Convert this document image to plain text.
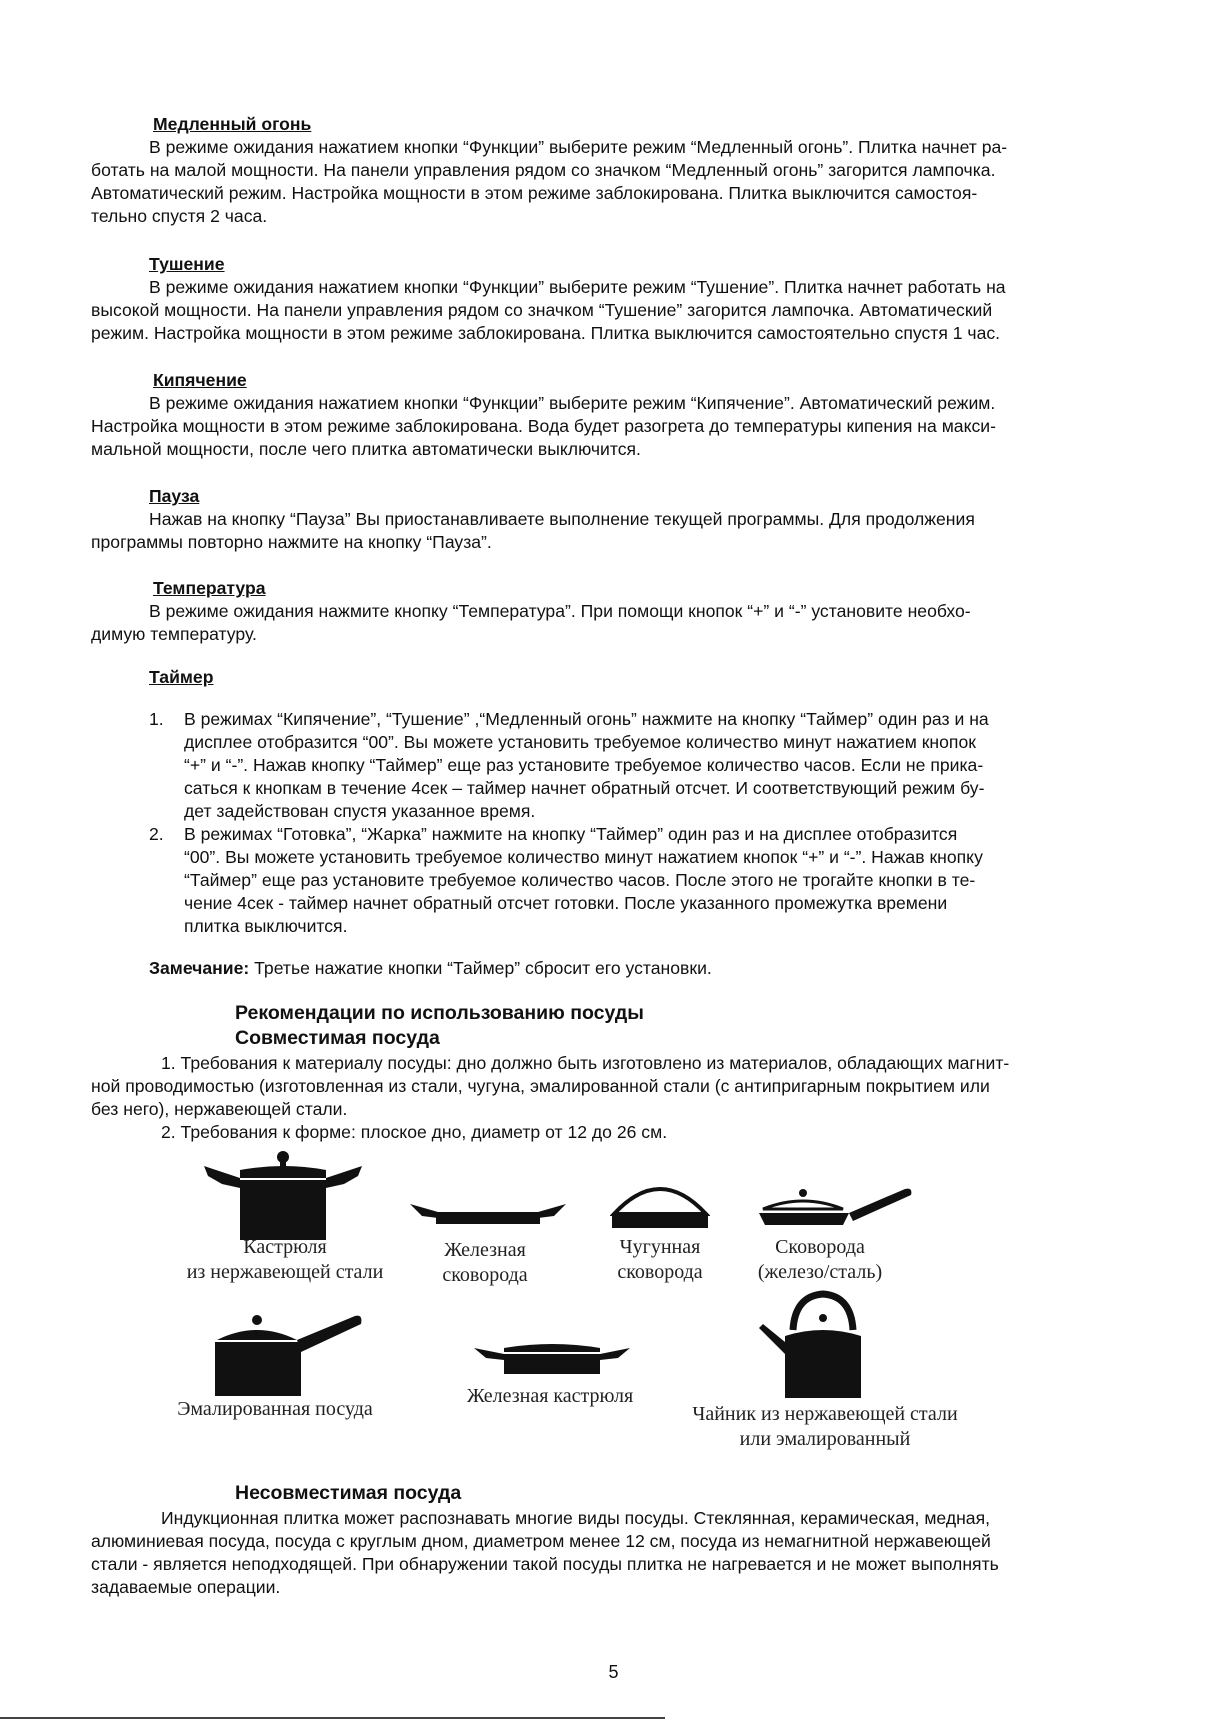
Медленный огонь

В режиме ожидания нажатием кнопки “Функции” выберите режим “Медленный огонь”. Плитка начнет ра-

ботать на малой мощности. На панели управления рядом со значком “Медленный огонь” загорится лампочка.

Автоматический режим. Настройка мощности в этом режиме заблокирована. Плитка выключится самостоя-

тельно спустя 2 часа.

Тушение

В режиме ожидания нажатием кнопки “Функции” выберите режим “Тушение”. Плитка начнет работать на

высокой мощности. На панели управления рядом со значком “Тушение” загорится лампочка. Автоматический

режим. Настройка мощности в этом режиме заблокирована. Плитка выключится самостоятельно спустя 1 час.

Кипячение

В режиме ожидания нажатием кнопки “Функции” выберите режим “Кипячение”. Автоматический режим.

Настройка мощности в этом режиме заблокирована. Вода будет разогрета до температуры кипения на макси-

мальной мощности, после чего плитка автоматически выключится.

Пауза

Нажав на кнопку “Пауза” Вы приостанавливаете выполнение текущей программы. Для продолжения

программы повторно нажмите на кнопку “Пауза”.

Температура

В режиме ожидания нажмите кнопку “Температура”. При помощи кнопок “+” и “-” установите необхо-

димую температуру.

Таймер
1. В режимах “Кипячение”, “Тушение” ,“Медленный огонь” нажмите на кнопку “Таймер” один раз и на
дисплее отобразится “00”. Вы можете установить требуемое количество минут нажатием кнопок
“+” и “-”. Нажав кнопку “Таймер” еще раз установите требуемое количество часов. Если не прика-
саться к кнопкам в течение 4сек – таймер начнет обратный отсчет. И соответствующий режим бу-
дет задействован спустя указанное время.
2. В режимах “Готовка”, “Жарка” нажмите на кнопку “Таймер” один раз и на дисплее отобразится
“00”. Вы можете установить требуемое количество минут нажатием кнопок “+” и “-”. Нажав кнопку
“Таймер” еще раз установите требуемое количество часов. После этого не трогайте кнопки в те-
чение 4сек - таймер начнет обратный отсчет готовки. После указанного промежутка времени
плитка выключится.
Замечание: Третье нажатие кнопки “Таймер” сбросит его установки.
Рекомендации по использованию посуды
Совместимая посуда

1. Требования к материалу посуды: дно должно быть изготовлено из материалов, обладающих магнит-

ной проводимостью (изготовленная из стали, чугуна, эмалированной стали (с антипригарным покрытием или

без него), нержавеющей стали.

2. Требования к форме: плоское дно, диаметр от 12 до 26 см.

Кастрюля
из нержавеющей стали
Железная
сковорода
Чугунная
сковорода
Сковорода
(железо/сталь)
Эмалированная посуда
Железная кастрюля
Чайник из нержавеющей стали
или эмалированный
Несовместимая посуда

Индукционная плитка может распознавать многие виды посуды. Стеклянная, керамическая, медная,

алюминиевая посуда, посуда с круглым дном, диаметром менее 12 см, посуда из немагнитной нержавеющей

стали - является неподходящей. При обнаружении такой посуды плитка не нагревается и не может выполнять

задаваемые операции.

5
